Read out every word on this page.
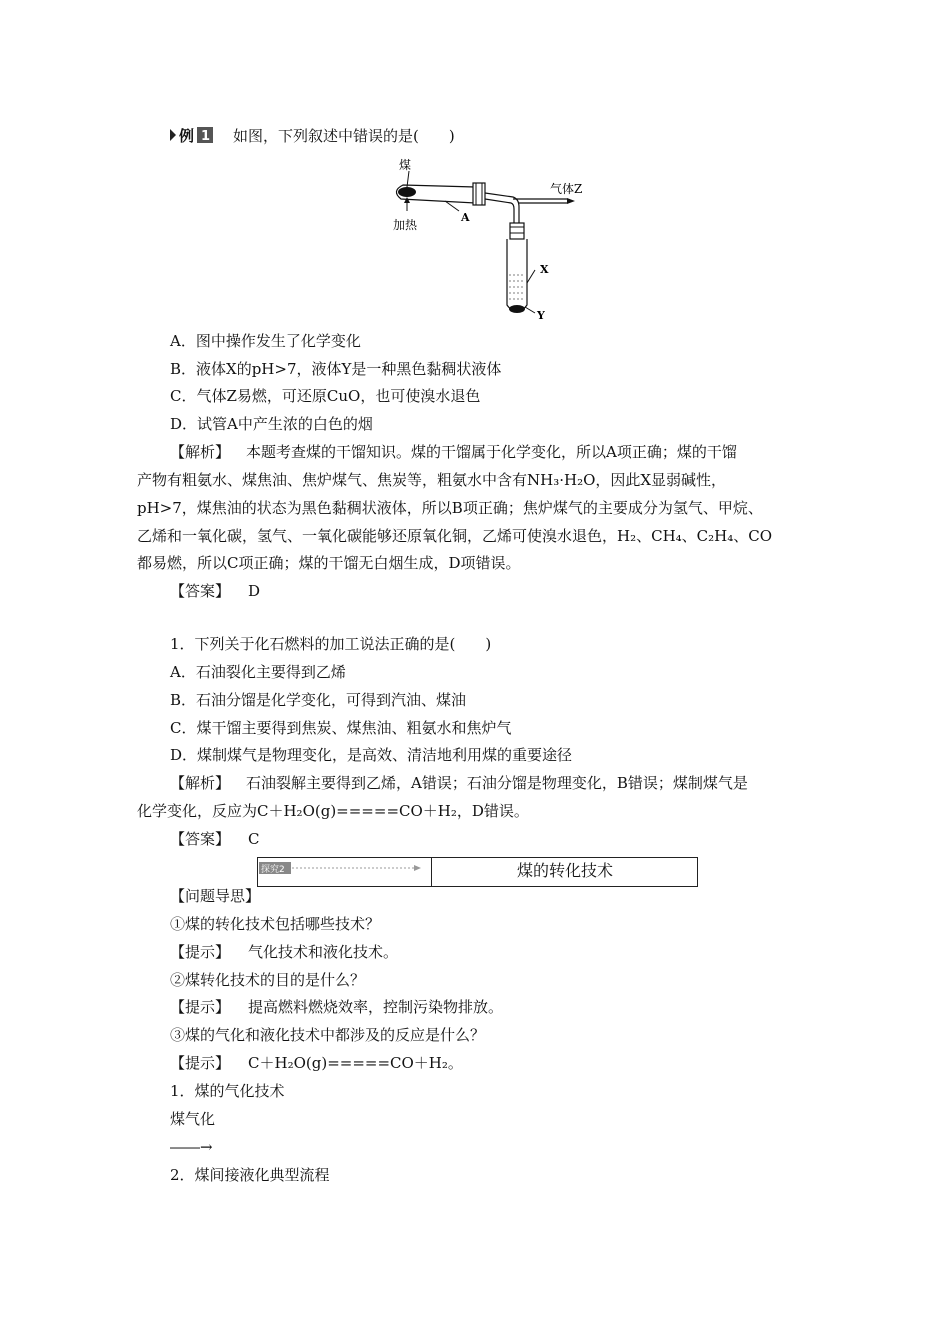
例 1 如图，下列叙述中错误的是(　　)
煤
加热
A
气体Z
X
Y
A．图中操作发生了化学变化
B．液体X的pH>7，液体Y是一种黑色黏稠状液体
C．气体Z易燃，可还原CuO，也可使溴水退色
D．试管A中产生浓的白色的烟
【解析】 本题考查煤的干馏知识。煤的干馏属于化学变化，所以A项正确；煤的干馏
产物有粗氨水、煤焦油、焦炉煤气、焦炭等，粗氨水中含有NH₃·H₂O，因此X显弱碱性，
pH>7，煤焦油的状态为黑色黏稠状液体，所以B项正确；焦炉煤气的主要成分为氢气、甲烷、
乙烯和一氧化碳，氢气、一氧化碳能够还原氧化铜，乙烯可使溴水退色，H₂、CH₄、C₂H₄、CO
都易燃，所以C项正确；煤的干馏无白烟生成，D项错误。
【答案】 D
1．下列关于化石燃料的加工说法正确的是(　　)
A．石油裂化主要得到乙烯
B．石油分馏是化学变化，可得到汽油、煤油
C．煤干馏主要得到焦炭、煤焦油、粗氨水和焦炉气
D．煤制煤气是物理变化，是高效、清洁地利用煤的重要途径
【解析】 石油裂解主要得到乙烯，A错误；石油分馏是物理变化，B错误；煤制煤气是
化学变化，反应为C＋H₂O(g)=====CO＋H₂，D错误。
【答案】 C
探究2	煤的转化技术
【问题导思】
①煤的转化技术包括哪些技术？
【提示】 气化技术和液化技术。
②煤转化技术的目的是什么？
【提示】 提高燃料燃烧效率，控制污染物排放。
③煤的气化和液化技术中都涉及的反应是什么？
【提示】 C＋H₂O(g)=====CO＋H₂。
1．煤的气化技术
煤气化
――→
2．煤间接液化典型流程
